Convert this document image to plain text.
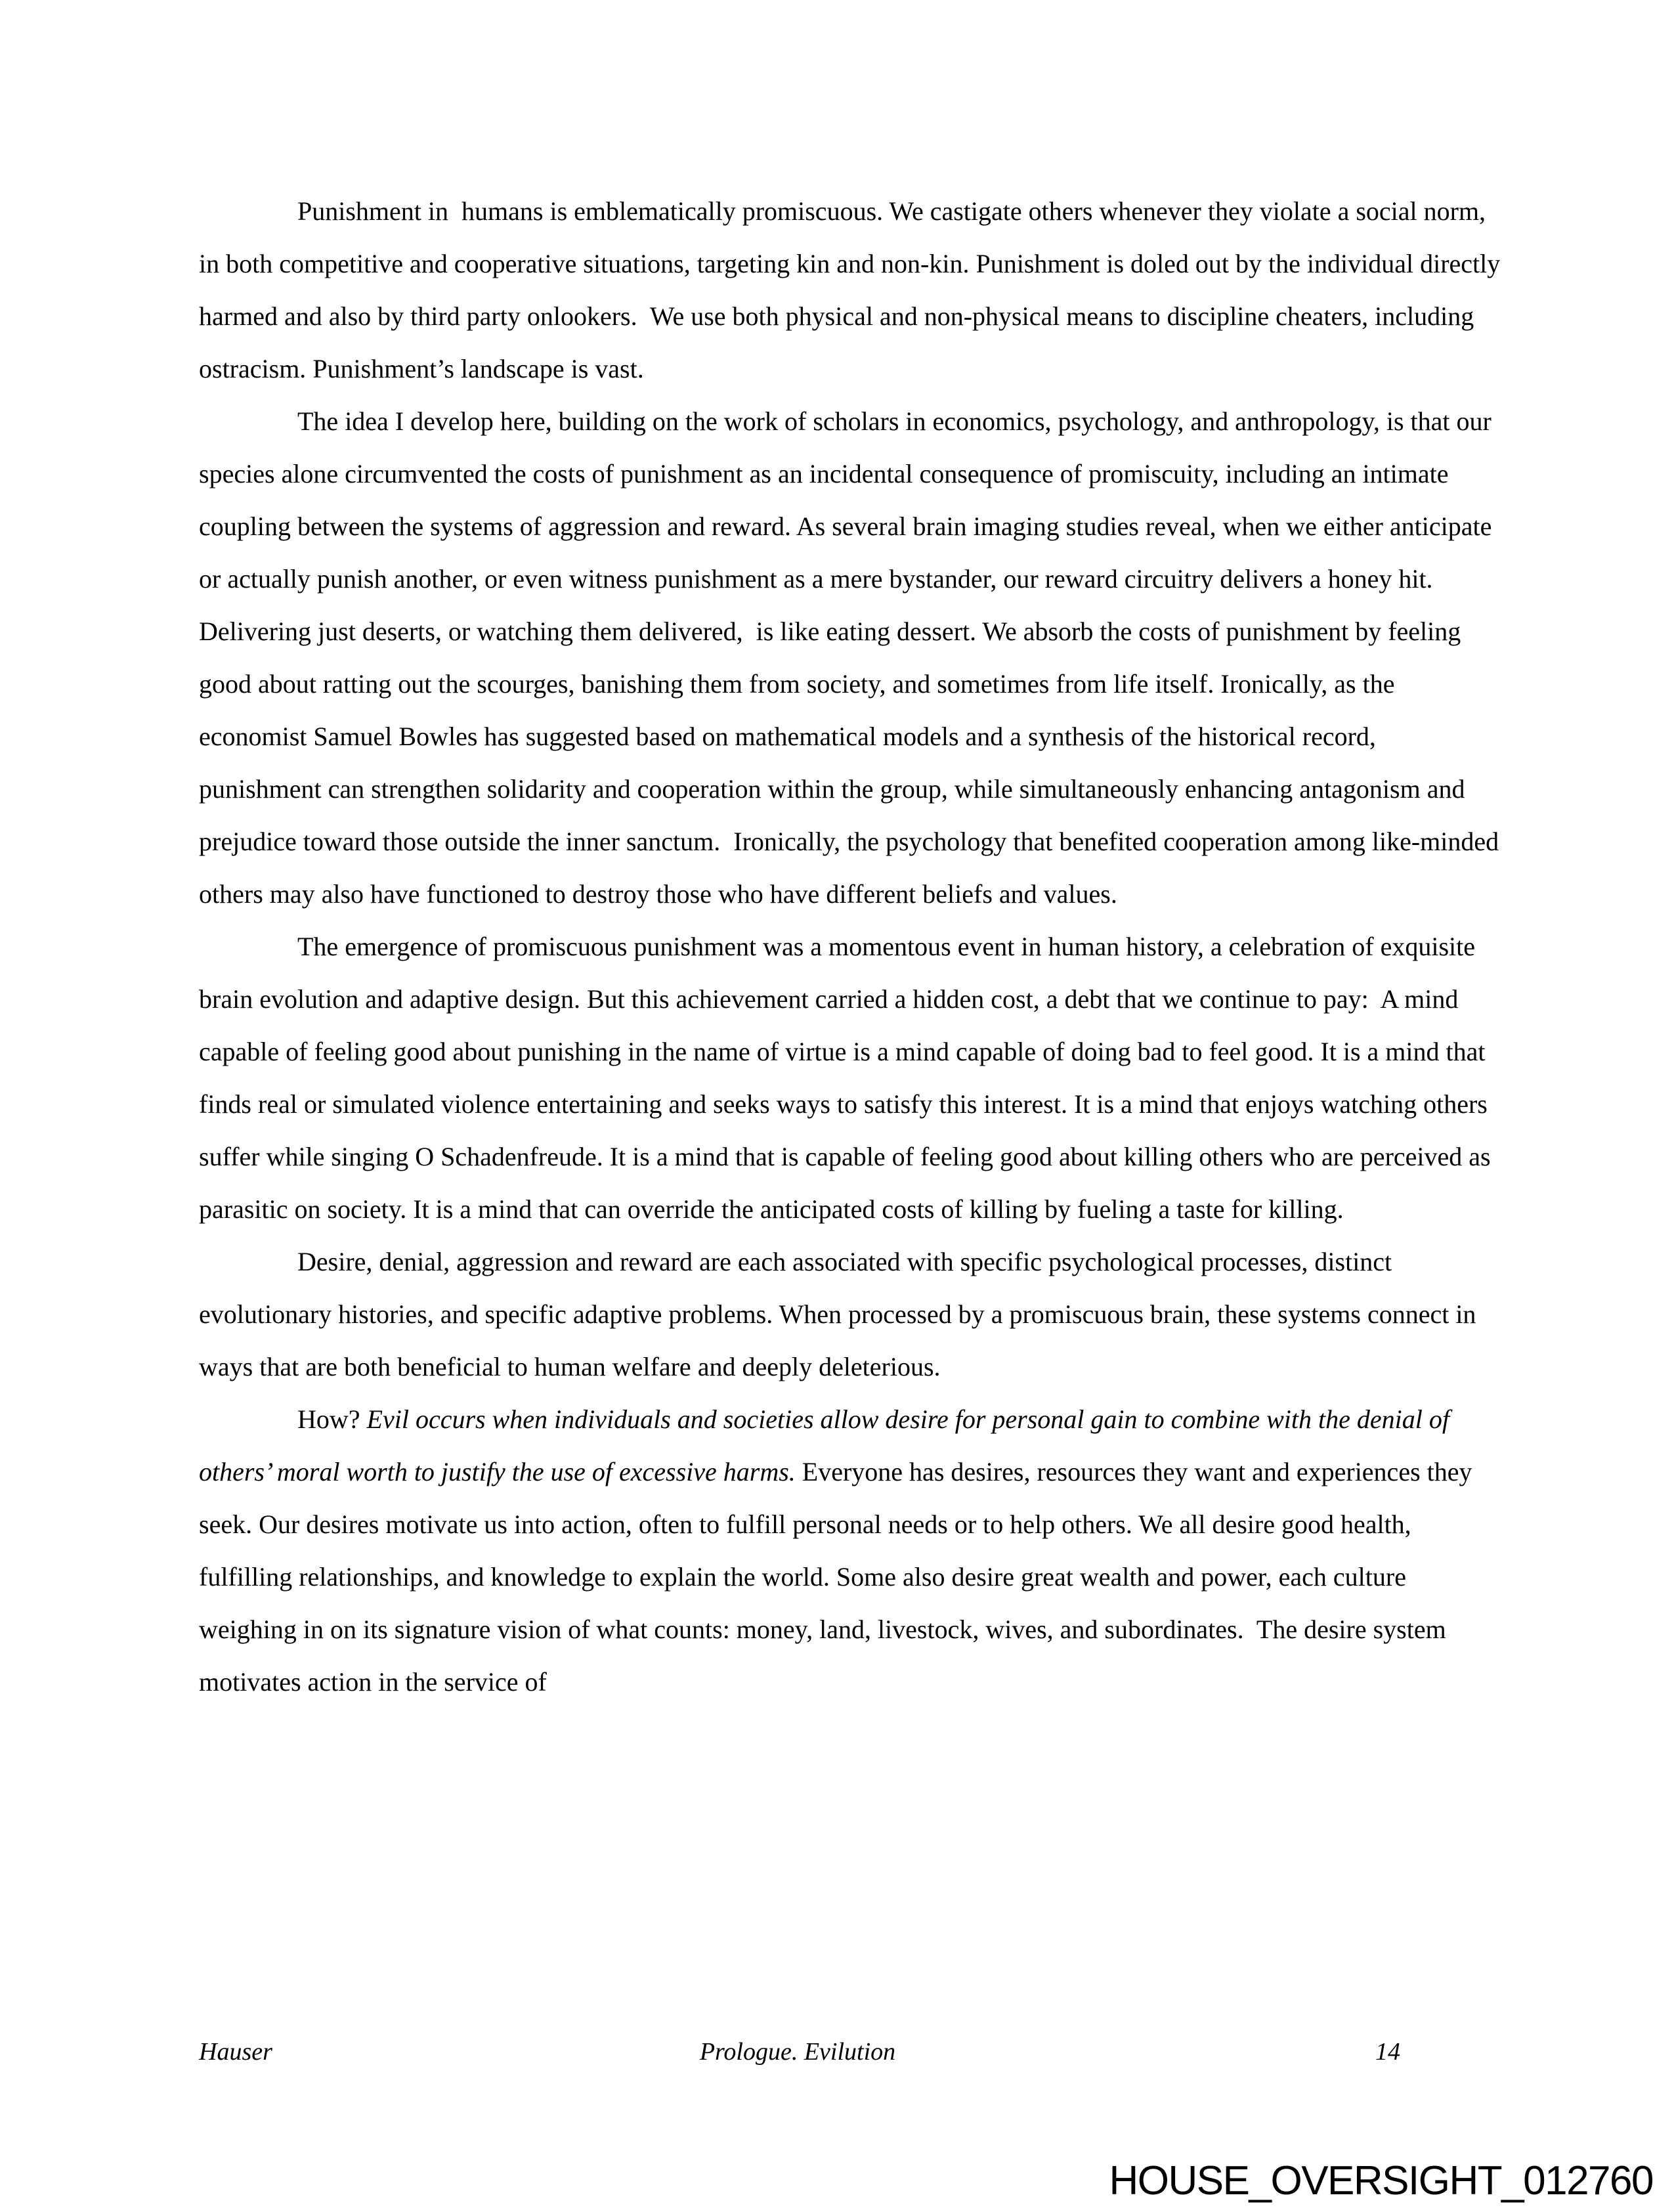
Punishment in  humans is emblematically promiscuous. We castigate others whenever they violate a social norm, in both competitive and cooperative situations, targeting kin and non-kin. Punishment is doled out by the individual directly harmed and also by third party onlookers.  We use both physical and non-physical means to discipline cheaters, including ostracism. Punishment’s landscape is vast.

The idea I develop here, building on the work of scholars in economics, psychology, and anthropology, is that our species alone circumvented the costs of punishment as an incidental consequence of promiscuity, including an intimate coupling between the systems of aggression and reward. As several brain imaging studies reveal, when we either anticipate or actually punish another, or even witness punishment as a mere bystander, our reward circuitry delivers a honey hit.  Delivering just deserts, or watching them delivered,  is like eating dessert. We absorb the costs of punishment by feeling good about ratting out the scourges, banishing them from society, and sometimes from life itself. Ironically, as the economist Samuel Bowles has suggested based on mathematical models and a synthesis of the historical record, punishment can strengthen solidarity and cooperation within the group, while simultaneously enhancing antagonism and prejudice toward those outside the inner sanctum.  Ironically, the psychology that benefited cooperation among like-minded others may also have functioned to destroy those who have different beliefs and values.

The emergence of promiscuous punishment was a momentous event in human history, a celebration of exquisite brain evolution and adaptive design. But this achievement carried a hidden cost, a debt that we continue to pay:  A mind capable of feeling good about punishing in the name of virtue is a mind capable of doing bad to feel good. It is a mind that finds real or simulated violence entertaining and seeks ways to satisfy this interest. It is a mind that enjoys watching others suffer while singing O Schadenfreude. It is a mind that is capable of feeling good about killing others who are perceived as parasitic on society. It is a mind that can override the anticipated costs of killing by fueling a taste for killing.

Desire, denial, aggression and reward are each associated with specific psychological processes, distinct evolutionary histories, and specific adaptive problems. When processed by a promiscuous brain, these systems connect in ways that are both beneficial to human welfare and deeply deleterious.

How? Evil occurs when individuals and societies allow desire for personal gain to combine with the denial of others’ moral worth to justify the use of excessive harms. Everyone has desires, resources they want and experiences they seek. Our desires motivate us into action, often to fulfill personal needs or to help others. We all desire good health, fulfilling relationships, and knowledge to explain the world. Some also desire great wealth and power, each culture weighing in on its signature vision of what counts: money, land, livestock, wives, and subordinates.  The desire system motivates action in the service of

Hauser	Prologue. Evilution	14
HOUSE_OVERSIGHT_012760
